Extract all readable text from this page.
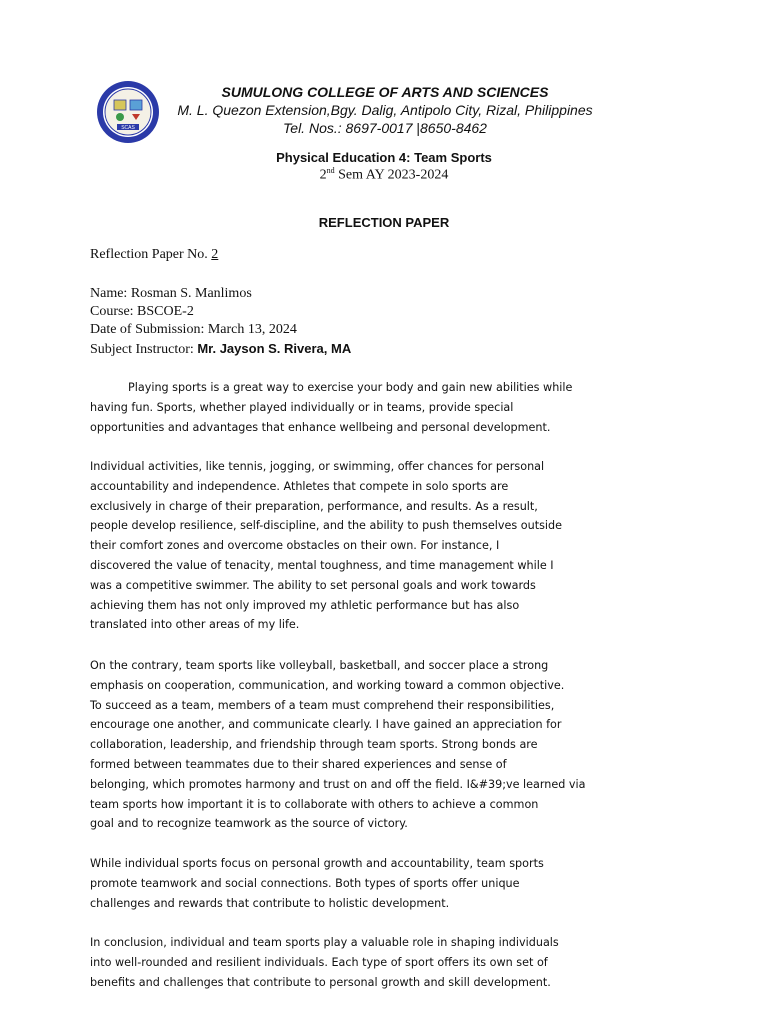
SCAS
SUMULONG COLLEGE OF ARTS AND SCIENCES
M. L. Quezon Extension,Bgy. Dalig, Antipolo City, Rizal, Philippines
Tel. Nos.: 8697-0017 |8650-8462
Physical Education 4: Team Sports
2nd Sem AY 2023-2024
REFLECTION PAPER
Reflection Paper No. 2
Name: Rosman S. Manlimos
Course: BSCOE-2
Date of Submission: March 13, 2024
Subject Instructor: Mr. Jayson S. Rivera, MA
Playing sports is a great way to exercise your body and gain new abilities while
having fun. Sports, whether played individually or in teams, provide special
opportunities and advantages that enhance wellbeing and personal development.
Individual activities, like tennis, jogging, or swimming, offer chances for personal
accountability and independence. Athletes that compete in solo sports are
exclusively in charge of their preparation, performance, and results. As a result,
people develop resilience, self-discipline, and the ability to push themselves outside
their comfort zones and overcome obstacles on their own. For instance, I
discovered the value of tenacity, mental toughness, and time management while I
was a competitive swimmer. The ability to set personal goals and work towards
achieving them has not only improved my athletic performance but has also
translated into other areas of my life.
On the contrary, team sports like volleyball, basketball, and soccer place a strong
emphasis on cooperation, communication, and working toward a common objective.
To succeed as a team, members of a team must comprehend their responsibilities,
encourage one another, and communicate clearly. I have gained an appreciation for
collaboration, leadership, and friendship through team sports. Strong bonds are
formed between teammates due to their shared experiences and sense of
belonging, which promotes harmony and trust on and off the field. I&#39;ve learned via
team sports how important it is to collaborate with others to achieve a common
goal and to recognize teamwork as the source of victory.
While individual sports focus on personal growth and accountability, team sports
promote teamwork and social connections. Both types of sports offer unique
challenges and rewards that contribute to holistic development.
In conclusion, individual and team sports play a valuable role in shaping individuals
into well-rounded and resilient individuals. Each type of sport offers its own set of
benefits and challenges that contribute to personal growth and skill development.
